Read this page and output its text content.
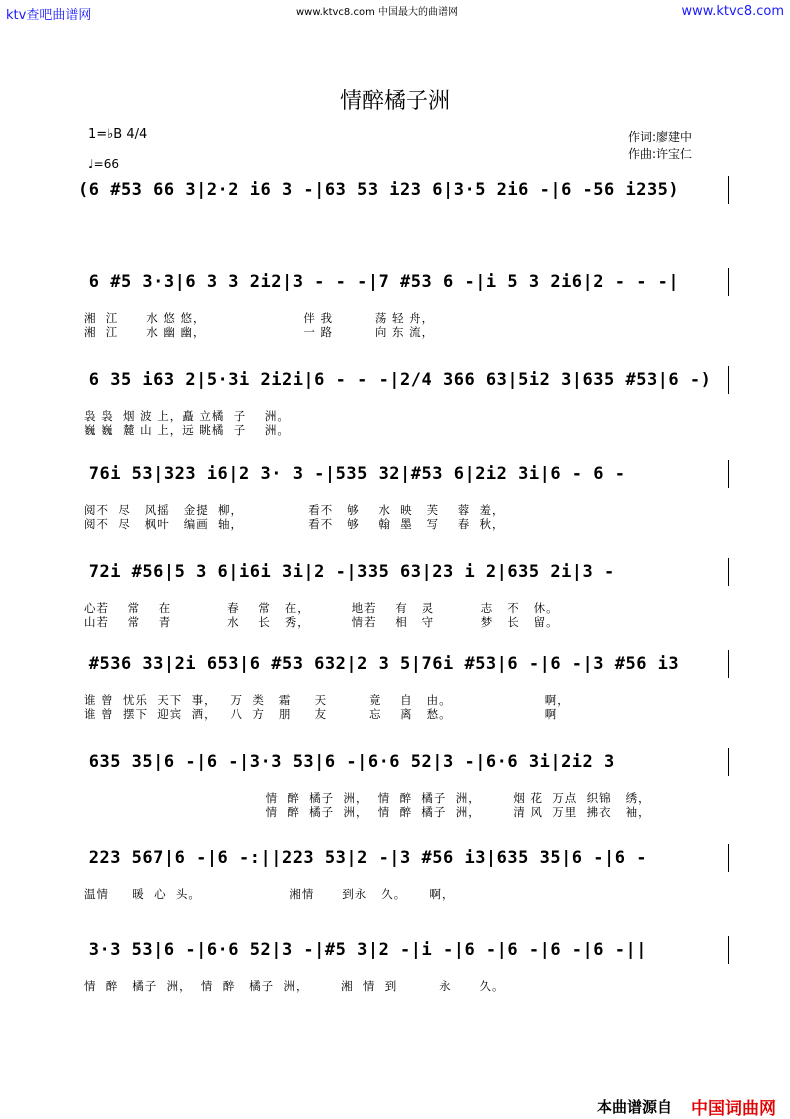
ktv查吧曲谱网	www.ktvc8.com 中国最大的曲谱网	www.ktvc8.com
情醉橘子洲
1=♭B 4/4
♩=66
作词:廖建中
作曲:许宝仁
(6 #53 66 3|2·2 i6 3 -|63 53 i23 6|3·5 2i6 -|6 -56 i235)
6 #5 3·3|6 3 3 2i2|3 - - -|7 #53 6 -|i 5 3 2i6|2 - - -|
湘  江      水 悠 悠，                     伴 我         荡 轻 舟，
湘  江      水 幽 幽，                     一 路         向 东 流，
6 35 i63 2|5·3i 2i2i|6 - - -|2/4 366 63|5i2 3|635 #53|6 -)
袅 袅  烟 波 上，矗 立橘  子    洲。
巍 巍  麓 山 上，远 眺橘  子    洲。
76i 53|323 i6|2 3· 3 -|535 32|#53 6|2i2 3i|6 - 6 -
阅不  尽   风摇   金提  柳，              看不   够    水  映   芙    蓉  羞，
阅不  尽   枫叶   编画  轴，              看不   够    翰  墨   写    春  秋，
72i #56|5 3 6|i6i 3i|2 -|335 63|23 i 2|635 2i|3 -
心若    常    在            春    常   在，         地若    有   灵          志   不   休。
山若    常    青            水    长   秀，         情若    相   守          梦   长   留。
#536 33|2i 653|6 #53 632|2 3 5|76i #53|6 -|6 -|3 #56 i3
谁 曾  忧乐  天下  事，   万  类   霜     天         竟    自   由。                    啊，
谁 曾  摆下  迎宾  酒，   八  方   朋     友         忘    离   愁。                    啊
635 35|6 -|6 -|3·3 53|6 -|6·6 52|3 -|6·6 3i|2i2 3
情  醉  橘子  洲，  情  醉  橘子  洲，       烟 花  万点  织锦   绣，
情  醉  橘子  洲，  情  醉  橘子  洲，       清 风  万里  拂衣   袖，
223 567|6 -|6 -:||223 53|2 -|3 #56 i3|635 35|6 -|6 -
温情     暖  心  头。                   湘情      到永   久。     啊，
3·3 53|6 -|6·6 52|3 -|#5 3|2 -|i -|6 -|6 -|6 -|6 -||
情  醉   橘子  洲，  情  醉   橘子  洲，       湘  情  到         永      久。
本曲谱源自 中国词曲网
